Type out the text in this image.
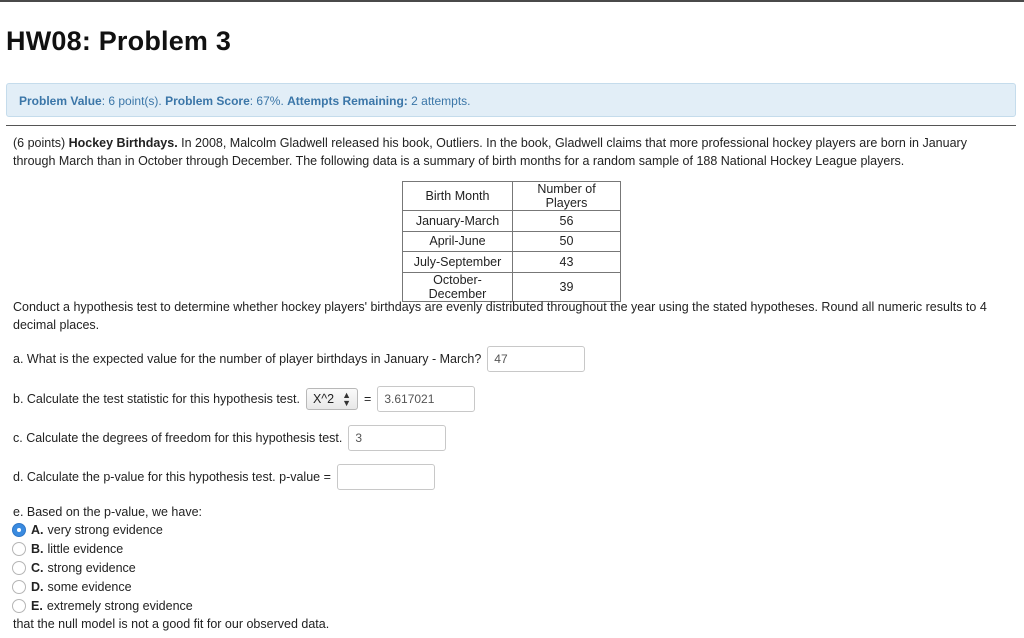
HW08: Problem 3
Problem Value: 6 point(s). Problem Score: 67%. Attempts Remaining: 2 attempts.
(6 points) Hockey Birthdays. In 2008, Malcolm Gladwell released his book, Outliers. In the book, Gladwell claims that more professional hockey players are born in January through March than in October through December. The following data is a summary of birth months for a random sample of 188 National Hockey League players.
Birth Month	Number of Players
January-March	56
April-June	50
July-September	43
October-December	39
Conduct a hypothesis test to determine whether hockey players' birthdays are evenly distributed throughout the year using the stated hypotheses. Round all numeric results to 4 decimal places.
a. What is the expected value for the number of player birthdays in January - March?	47
b. Calculate the test statistic for this hypothesis test. X^2 ▲
▼ =	3.617021
c. Calculate the degrees of freedom for this hypothesis test.	3
d. Calculate the p-value for this hypothesis test. p-value =
e. Based on the p-value, we have:
A. very strong evidence
B. little evidence
C. strong evidence
D. some evidence
E. extremely strong evidence
that the null model is not a good fit for our observed data.
